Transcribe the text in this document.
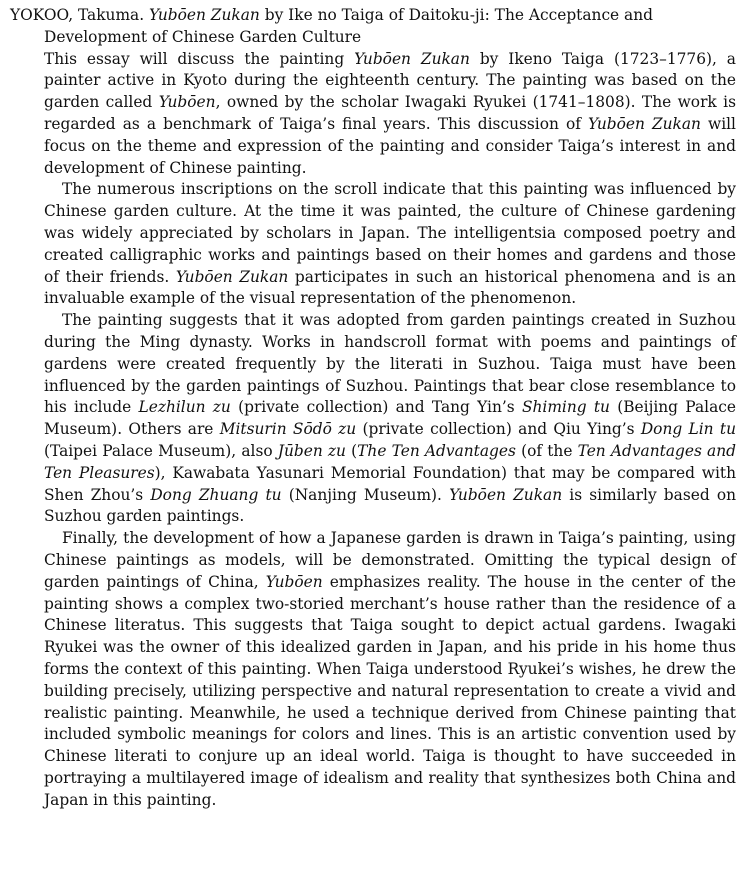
YOKOO, Takuma. Yubōen Zukan by Ike no Taiga of Daitoku-ji: The Acceptance and Development of Chinese Garden Culture

This essay will discuss the painting Yubōen Zukan by Ikeno Taiga (1723–1776), a painter active in Kyoto during the eighteenth century. The painting was based on the garden called Yubōen, owned by the scholar Iwagaki Ryukei (1741–1808). The work is regarded as a benchmark of Taiga’s final years. This discussion of Yubōen Zukan will focus on the theme and expression of the painting and consider Taiga’s interest in and development of Chinese painting.

The numerous inscriptions on the scroll indicate that this painting was influenced by Chinese garden culture. At the time it was painted, the culture of Chinese gardening was widely appreciated by scholars in Japan. The intelligentsia composed poetry and created calligraphic works and paintings based on their homes and gardens and those of their friends. Yubōen Zukan participates in such an historical phenomena and is an invaluable example of the visual representation of the phenomenon.

The painting suggests that it was adopted from garden paintings created in Suzhou during the Ming dynasty. Works in handscroll format with poems and paintings of gardens were created frequently by the literati in Suzhou. Taiga must have been influenced by the garden paintings of Suzhou. Paintings that bear close resemblance to his include Lezhilun zu (private collection) and Tang Yin’s Shiming tu (Beijing Palace Museum). Others are Mitsurin Sōdō zu (private collection) and Qiu Ying’s Dong Lin tu (Taipei Palace Museum), also Jūben zu (The Ten Advantages (of the Ten Advantages and Ten Pleasures), Kawabata Yasunari Memorial Foundation) that may be compared with Shen Zhou’s Dong Zhuang tu (Nanjing Museum). Yubōen Zukan is similarly based on Suzhou garden paintings.

Finally, the development of how a Japanese garden is drawn in Taiga’s painting, using Chinese paintings as models, will be demonstrated. Omitting the typical design of garden paintings of China, Yubōen emphasizes reality. The house in the center of the painting shows a complex two-storied merchant’s house rather than the residence of a Chinese literatus. This suggests that Taiga sought to depict actual gardens. Iwagaki Ryukei was the owner of this idealized garden in Japan, and his pride in his home thus forms the context of this painting. When Taiga understood Ryukei’s wishes, he drew the building precisely, utilizing perspective and natural representation to create a vivid and realistic painting. Meanwhile, he used a technique derived from Chinese painting that included symbolic meanings for colors and lines. This is an artistic convention used by Chinese literati to conjure up an ideal world. Taiga is thought to have succeeded in portraying a multilayered image of idealism and reality that synthesizes both China and Japan in this painting.
